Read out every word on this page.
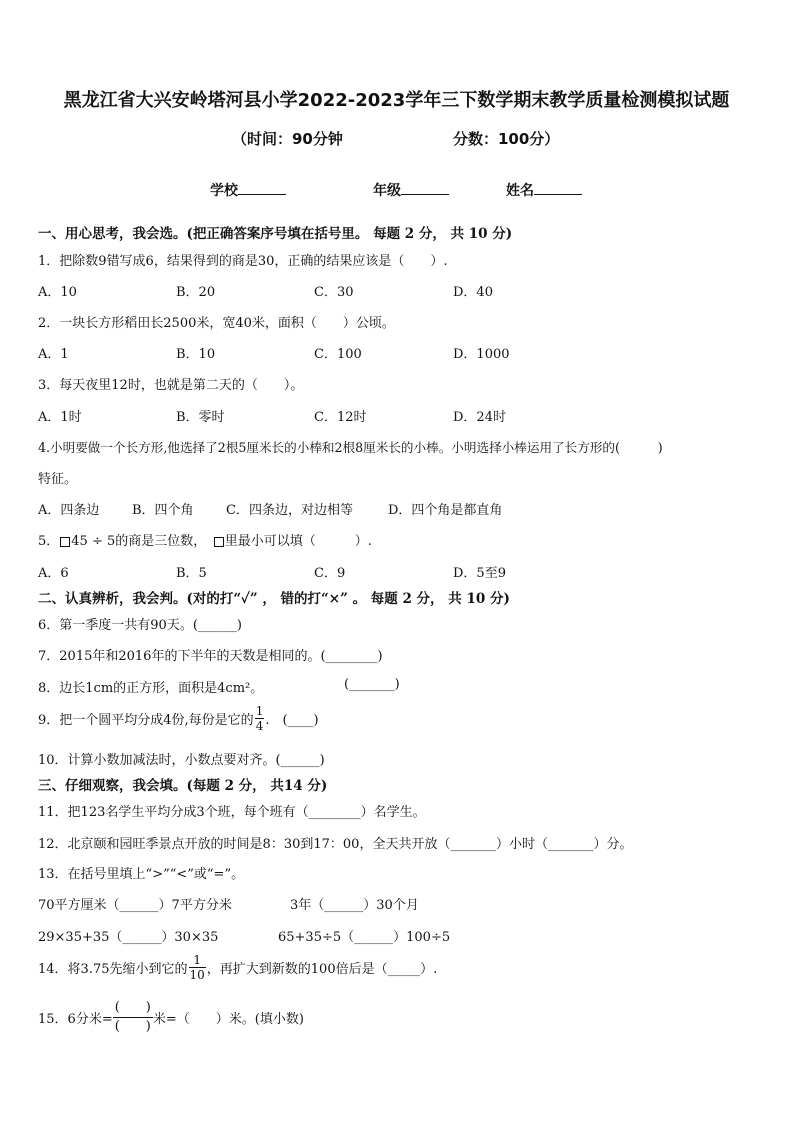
黑龙江省大兴安岭塔河县小学2022-2023学年三下数学期末教学质量检测模拟试题
（时间：90分钟	分数：100分）
学校	年级	姓名
一、用心思考，我会选。(把正确答案序号填在括号里。 每题 2 分， 共 10 分)
1．把除数9错写成6，结果得到的商是30，正确的结果应该是（　　）.
A．10	B．20	C．30	D．40
2．一块长方形稻田长2500米，宽40米，面积（　　）公顷。
A．1	B．10	C．100	D．1000
3．每天夜里12时，也就是第二天的（　　）。
A．1时	B．零时	C．12时	D．24时
4.小明要做一个长方形,他选择了2根5厘米长的小棒和2根8厘米长的小棒。小明选择小棒运用了长方形的(　　　)
特征。
A．四条边	B．四个角 C．四条边，对边相等	D．四个角是都直角
5． 45 ÷ 5的商是三位数，　 里最小可以填（　　　）.
A．6	B．5	C．9	D．5至9
二、认真辨析，我会判。(对的打“✓” ， 错的打“×” 。 每题 2 分， 共 10 分)
6．第一季度一共有90天。(______)
7．2015年和2016年的下半年的天数是相同的。(________)
8．边长1cm的正方形，面积是4cm²。	(_______)
9．把一个圆平均分成4份,每份是它的 $\frac{1}{4}$ .　(____)
10．计算小数加减法时，小数点要对齐。(______)
三、仔细观察，我会填。(每题 2 分， 共14 分)
11．把123名学生平均分成3个班，每个班有（________）名学生。
12．北京颐和园旺季景点开放的时间是8：30到17：00，全天共开放（_______）小时（_______）分。
13．在括号里填上“>”“<”或“=”。
70平方厘米（______）7平方分米	3年（______）30个月
29×35+35（______）30×35	65+35÷5（______）100÷5
14．将3.75先缩小到它的 $\frac{1}{10}$ ，再扩大到新数的100倍后是（_____）.
15．6分米=
(　　)
(　　) 米=（　　）米。(填小数)
